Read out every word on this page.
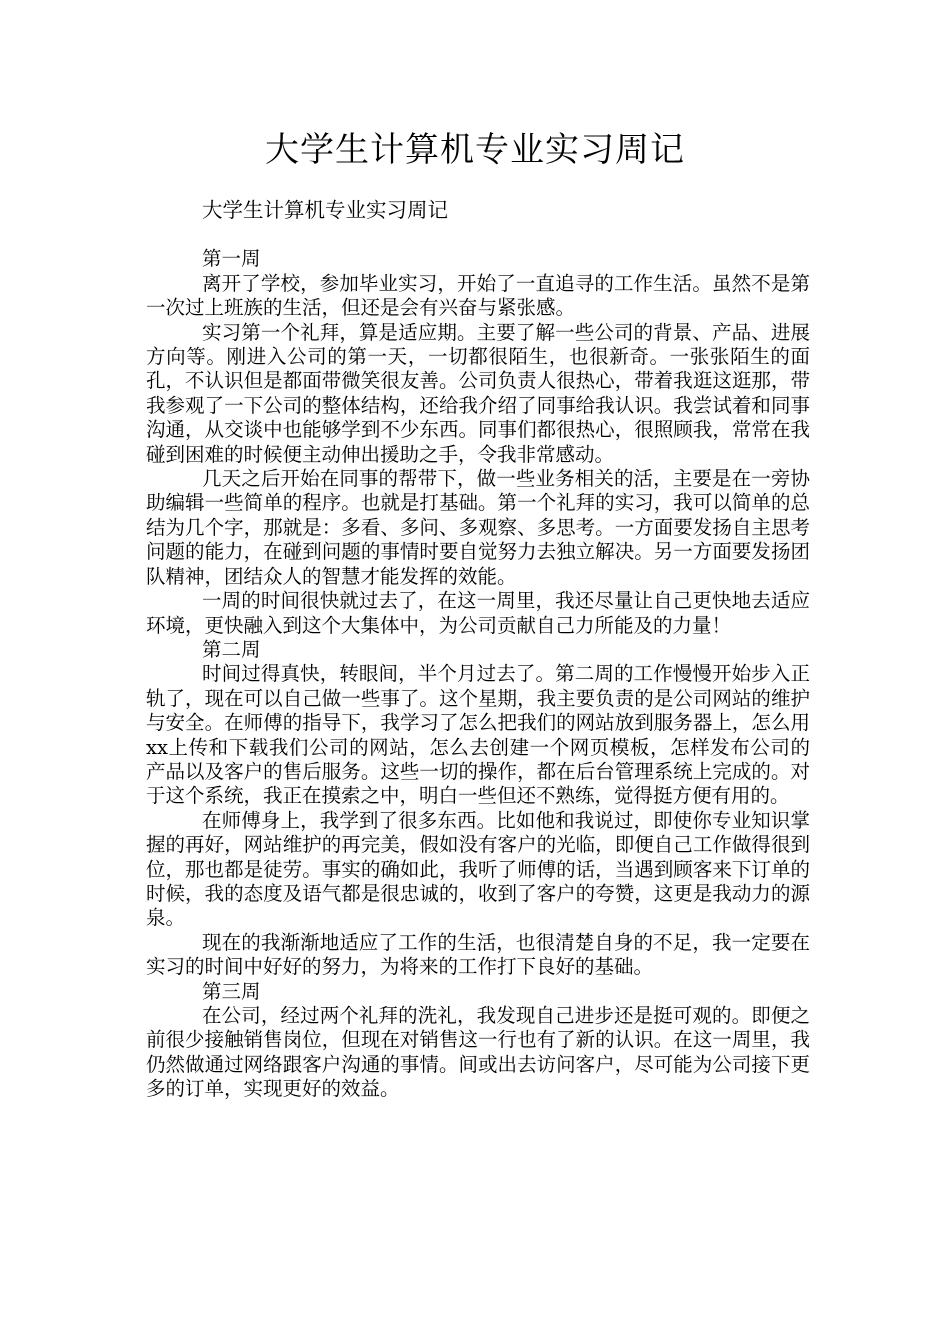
大学生计算机专业实习周记

大学生计算机专业实习周记

第一周

离开了学校，参加毕业实习，开始了一直追寻的工作生活。虽然不是第一次过上班族的生活，但还是会有兴奋与紧张感。

实习第一个礼拜，算是适应期。主要了解一些公司的背景、产品、进展方向等。刚进入公司的第一天，一切都很陌生，也很新奇。一张张陌生的面孔，不认识但是都面带微笑很友善。公司负责人很热心，带着我逛这逛那，带我参观了一下公司的整体结构，还给我介绍了同事给我认识。我尝试着和同事沟通，从交谈中也能够学到不少东西。同事们都很热心，很照顾我，常常在我碰到困难的时候便主动伸出援助之手，令我非常感动。

几天之后开始在同事的帮带下，做一些业务相关的活，主要是在一旁协助编辑一些简单的程序。也就是打基础。第一个礼拜的实习，我可以简单的总结为几个字，那就是：多看、多问、多观察、多思考。一方面要发扬自主思考问题的能力，在碰到问题的事情时要自觉努力去独立解决。另一方面要发扬团队精神，团结众人的智慧才能发挥的效能。

一周的时间很快就过去了，在这一周里，我还尽量让自己更快地去适应环境，更快融入到这个大集体中，为公司贡献自己力所能及的力量！

第二周

时间过得真快，转眼间，半个月过去了。第二周的工作慢慢开始步入正轨了，现在可以自己做一些事了。这个星期，我主要负责的是公司网站的维护与安全。在师傅的指导下，我学习了怎么把我们的网站放到服务器上，怎么用xx上传和下载我们公司的网站，怎么去创建一个网页模板，怎样发布公司的产品以及客户的售后服务。这些一切的操作，都在后台管理系统上完成的。对于这个系统，我正在摸索之中，明白一些但还不熟练，觉得挺方便有用的。

在师傅身上，我学到了很多东西。比如他和我说过，即使你专业知识掌握的再好，网站维护的再完美，假如没有客户的光临，即便自己工作做得很到位，那也都是徒劳。事实的确如此，我听了师傅的话，当遇到顾客来下订单的时候，我的态度及语气都是很忠诚的，收到了客户的夸赞，这更是我动力的源泉。

现在的我渐渐地适应了工作的生活，也很清楚自身的不足，我一定要在实习的时间中好好的努力，为将来的工作打下良好的基础。

第三周

在公司，经过两个礼拜的洗礼，我发现自己进步还是挺可观的。即便之前很少接触销售岗位，但现在对销售这一行也有了新的认识。在这一周里，我仍然做通过网络跟客户沟通的事情。间或出去访问客户，尽可能为公司接下更多的订单，实现更好的效益。
